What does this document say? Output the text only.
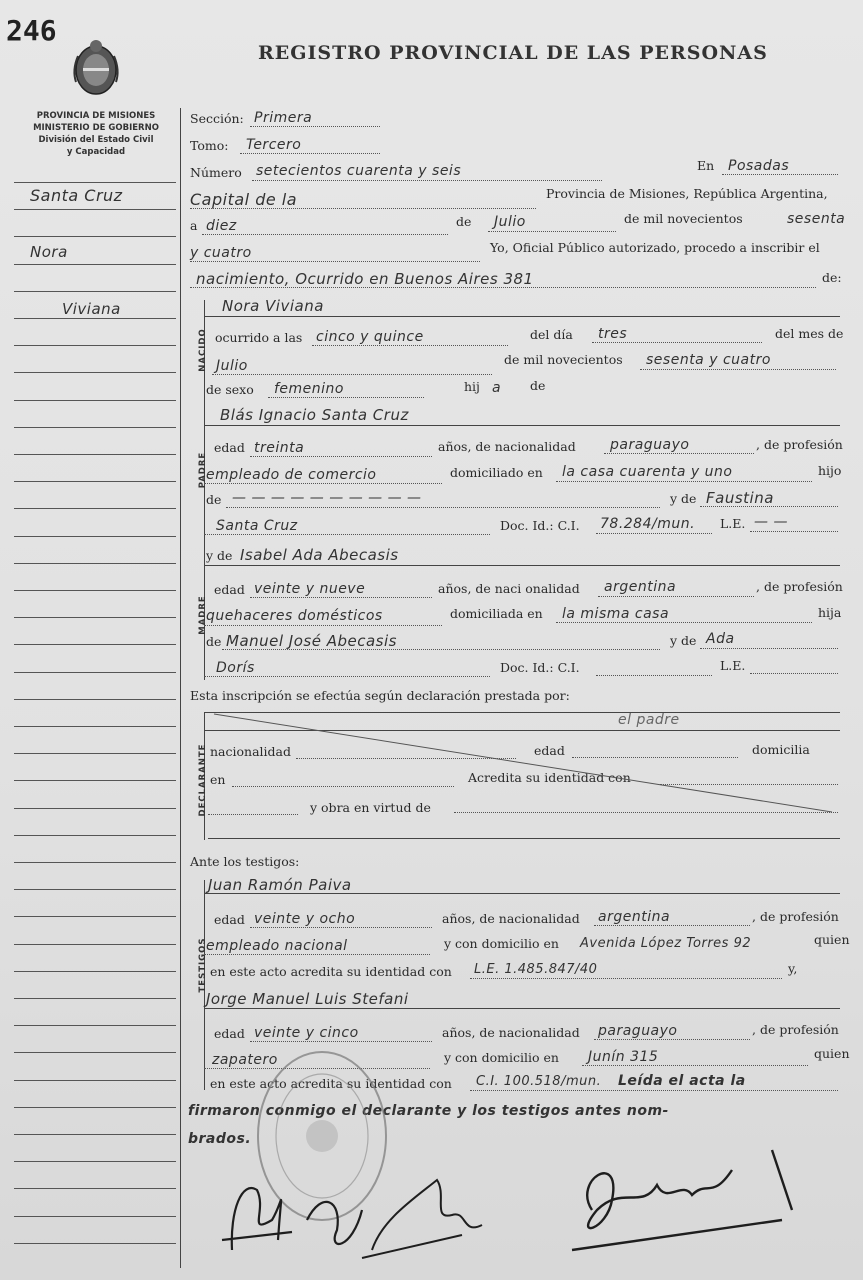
246
REGISTRO PROVINCIAL DE LAS PERSONAS
PROVINCIA DE MISIONES
MINISTERIO DE GOBIERNO
División del Estado Civil
y Capacidad
Santa Cruz
Nora
Viviana
NACIDO
PADRE
MADRE
DECLARANTE
TESTIGOS
Sección: Primera
Tomo: Tercero
Número setecientos cuarenta y seis	En Posadas
Capital de la	Provincia de Misiones, República Argentina,
a diez	de Julio	de mil novecientos	sesenta
y cuatro	Yo, Oficial Público autorizado, procedo a inscribir el
nacimiento, Ocurrido en Buenos Aires 381	de:
Nora Viviana
ocurrido a las cinco y quince	del día tres	del mes de
Julio	de mil novecientos sesenta y cuatro
de sexo femenino	hij a de
Blás Ignacio Santa Cruz
edad treinta	años, de nacionalidad paraguayo	, de profesión
empleado de comercio	domiciliado en la casa cuarenta y uno	hijo
de — — — — — — — — — —	y de Faustina
Santa Cruz	Doc. Id.: C.I. 78.284/mun. L.E. — —
y de Isabel Ada Abecasis
edad veinte y nueve	años, de naci onalidad argentina	, de profesión
quehaceres domésticos	domiciliada en la misma casa	hija
de Manuel José Abecasis	y de Ada
Dorís	Doc. Id.: C.I.	L.E.
Esta inscripción se efectúa según declaración prestada por:
el padre
nacionalidad	edad	domicilia
en	Acredita su identidad con
y obra en virtud de
Ante los testigos:
Juan Ramón Paiva
edad veinte y ocho	años, de nacionalidad argentina	, de profesión
empleado nacional	y con domicilio en Avenida López Torres 92	quien
en este acto acredita su identidad con L.E. 1.485.847/40	y,
Jorge Manuel Luis Stefani
edad veinte y cinco	años, de nacionalidad paraguayo	, de profesión
zapatero	y con domicilio en Junín 315	quien
en este acto acredita su identidad con C.I. 100.518/mun. Leída el acta la
firmaron conmigo el declarante y los testigos antes nom-
brados.
